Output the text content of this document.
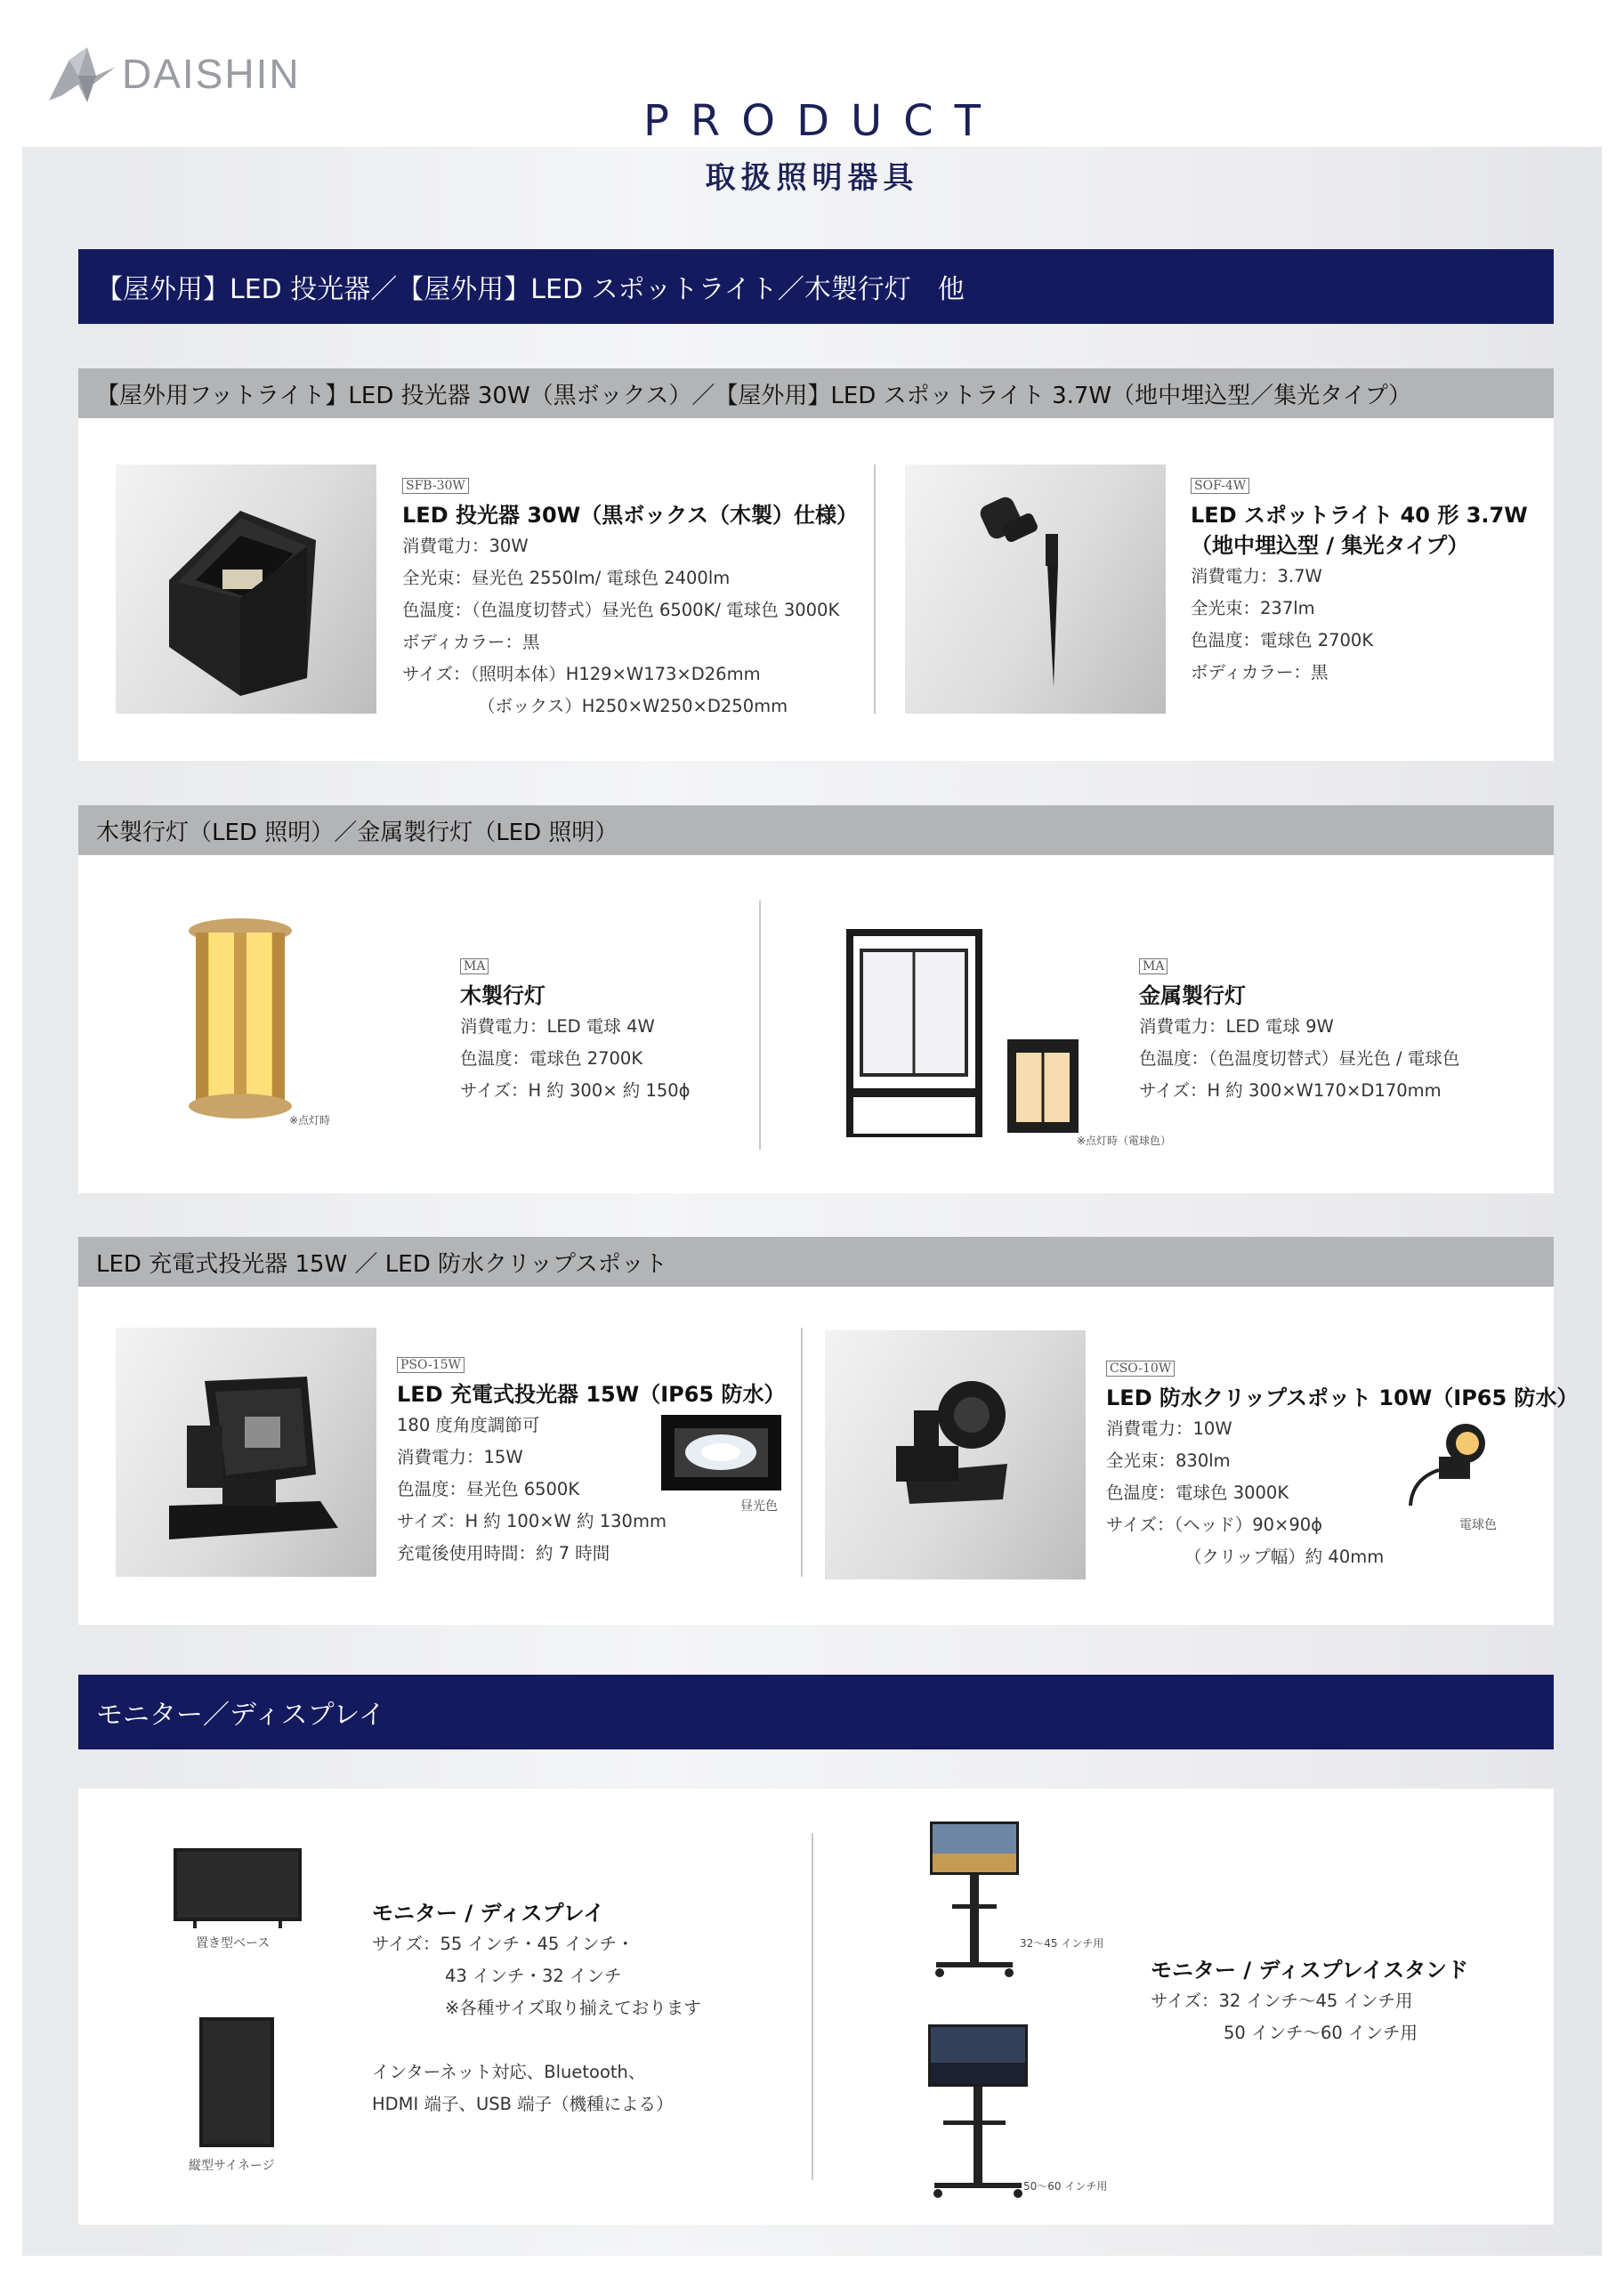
DAISHIN
PRODUCT
取扱照明器具
【屋外用】LED 投光器／【屋外用】LED スポットライト／木製行灯　他
【屋外用フットライト】LED 投光器 30W（黒ボックス）／【屋外用】LED スポットライト 3.7W（地中埋込型／集光タイプ）
SFB-30W
LED 投光器 30W（黒ボックス（木製）仕様）
消費電力：30W
全光束：昼光色 2550lm/ 電球色 2400lm
色温度：（色温度切替式）昼光色 6500K/ 電球色 3000K
ボディカラー：黒
サイズ：（照明本体）H129×W173×D26mm
（ボックス）H250×W250×D250mm
SOF-4W
LED スポットライト 40 形 3.7W
（地中埋込型 / 集光タイプ）
消費電力：3.7W
全光束：237lm
色温度：電球色 2700K
ボディカラー：黒
木製行灯（LED 照明）／金属製行灯（LED 照明）
※点灯時
MA
木製行灯
消費電力：LED 電球 4W
色温度：電球色 2700K
サイズ：H 約 300× 約 150ϕ
※点灯時（電球色）
MA
金属製行灯
消費電力：LED 電球 9W
色温度：（色温度切替式）昼光色 / 電球色
サイズ：H 約 300×W170×D170mm
LED 充電式投光器 15W ／ LED 防水クリップスポット
PSO-15W
LED 充電式投光器 15W（IP65 防水）
180 度角度調節可
消費電力：15W
色温度：昼光色 6500K
サイズ：H 約 100×W 約 130mm
充電後使用時間：約 7 時間
昼光色
CSO-10W
LED 防水クリップスポット 10W（IP65 防水）
消費電力：10W
全光束：830lm
色温度：電球色 3000K
サイズ：（ヘッド）90×90ϕ
（クリップ幅）約 40mm
電球色
モニター／ディスプレイ
置き型ベース
縦型サイネージ
モニター / ディスプレイ
サイズ：55 インチ・45 インチ・
43 インチ・32 インチ
※各種サイズ取り揃えております
インターネット対応、Bluetooth、
HDMI 端子、USB 端子（機種による）
32～45 インチ用
50～60 インチ用
モニター / ディスプレイスタンド
サイズ：32 インチ～45 インチ用
50 インチ～60 インチ用
